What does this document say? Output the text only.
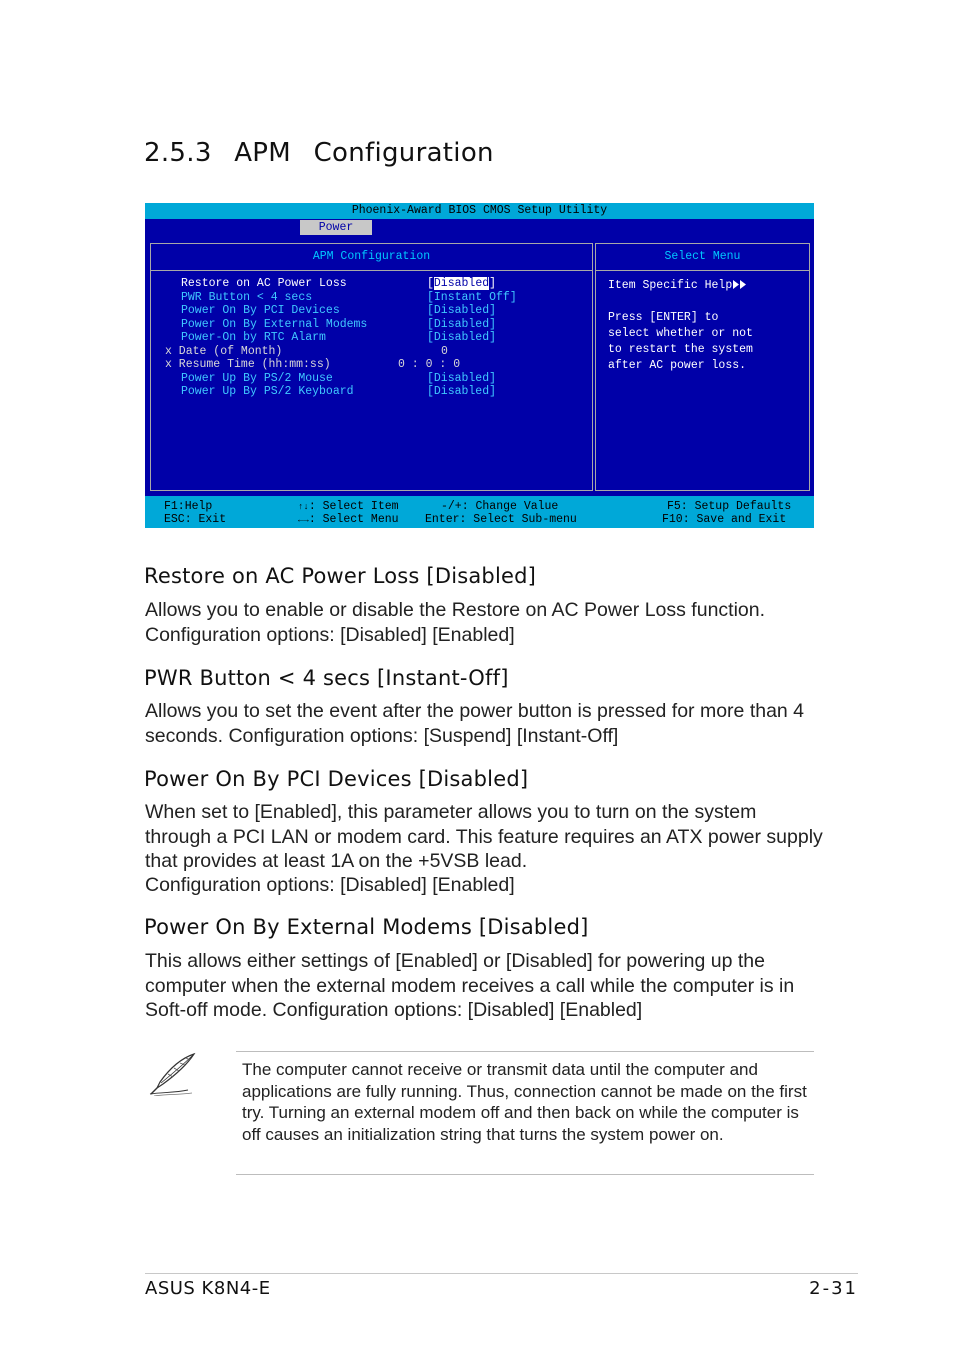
2.5.3 APM Configuration
Phoenix-Award BIOS CMOS Setup Utility
Power
APM Configuration
Restore on AC Power Loss	[Disabled]
PWR Button < 4 secs	[Instant Off]
Power On By PCI Devices	[Disabled]
Power On By External Modems	[Disabled]
Power-On by RTC Alarm	[Disabled]
x Date (of Month)	0
x Resume Time (hh:mm:ss)	0 : 0 : 0
Power Up By PS/2 Mouse	[Disabled]
Power Up By PS/2 Keyboard	[Disabled]
Select Menu
Item Specific Help
Press [ENTER] to
select whether or not
to restart the system
after AC power loss.
F1:Help	↑↓: Select Item	-/+: Change Value	F5: Setup Defaults
ESC: Exit	←→: Select Menu Enter: Select Sub-menu	F10: Save and Exit
Restore on AC Power Loss [Disabled]

Allows you to enable or disable the Restore on AC Power Loss function. Configuration options: [Disabled] [Enabled]

PWR Button < 4 secs [Instant-Off]

Allows you to set the event after the power button is pressed for more than 4 seconds. Configuration options: [Suspend] [Instant-Off]

Power On By PCI Devices [Disabled]

When set to [Enabled], this parameter allows you to turn on the system through a PCI LAN or modem card. This feature requires an ATX power supply that provides at least 1A on the +5VSB lead.

Configuration options: [Disabled] [Enabled]

Power On By External Modems [Disabled]

This allows either settings of [Enabled] or [Disabled] for powering up the computer when the external modem receives a call while the computer is in Soft-off mode. Configuration options: [Disabled] [Enabled]

The computer cannot receive or transmit data until the computer and applications are fully running. Thus, connection cannot be made on the first try. Turning an external modem off and then back on while the computer is off causes an initialization string that turns the system power on.

ASUS K8N4-E	2-31
